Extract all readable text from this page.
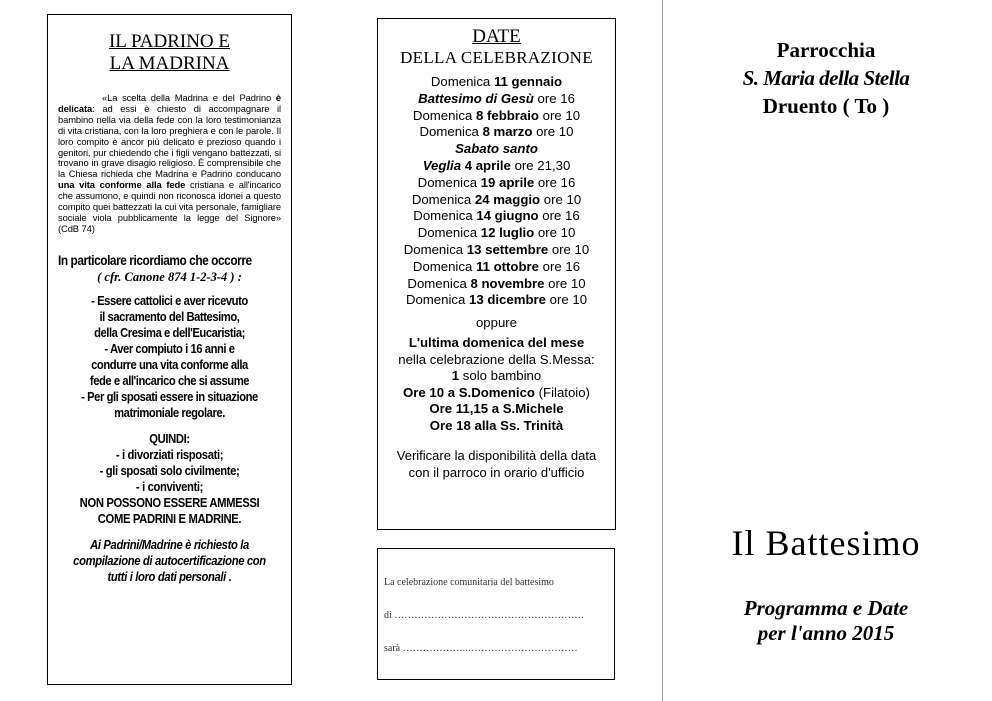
IL PADRINO E

LA MADRINA

«La scelta della Madrina e del Padrino è delicata: ad essi è chiesto di accompagnare il bambino nella via della fede con la loro testimonianza di vita cristiana, con la loro preghiera e con le parole. Il loro compito è ancor più delicato e prezioso quando i genitori, pur chiedendo che i figli vengano battezzati, si trovano in grave disagio religioso. È comprensibile che la Chiesa richieda che Madrina e Padrino conducano una vita conforme alla fede cristiana e all'incarico che assumono, e quindi non riconosca idonei a questo compito quei battezzati la cui vita personale, famigliare sociale viola pubblicamente la legge del Signore» (CdB 74)

In particolare ricordiamo che occorre

( cfr. Canone 874 1-2-3-4 ) :

- Essere cattolici e aver ricevuto
il sacramento del Battesimo,
della Cresima e dell'Eucaristia;
- Aver compiuto i 16 anni e
condurre una vita conforme alla
fede e all'incarico che si assume
- Per gli sposati essere in situazione
matrimoniale regolare.
QUINDI:
- i divorziati risposati;
- gli sposati solo civilmente;
- i conviventi;
NON POSSONO ESSERE AMMESSI
COME PADRINI E MADRINE.
Ai Padrini/Madrine è richiesto la
compilazione di autocertificazione con
tutti i loro dati personali .

DATE

DELLA CELEBRAZIONE

Domenica 11 gennaio
Battesimo di Gesù ore 16
Domenica 8 febbraio ore 10
Domenica 8 marzo ore 10
Sabato santo
Veglia 4 aprile ore 21,30
Domenica 19 aprile ore 16
Domenica 24 maggio ore 10
Domenica 14 giugno ore 16
Domenica 12 luglio ore 10
Domenica 13 settembre ore 10
Domenica 11 ottobre ore 16
Domenica 8 novembre ore 10
Domenica 13 dicembre ore 10
oppure
L'ultima domenica del mese
nella celebrazione della S.Messa:
1 solo bambino
Ore 10 a S.Domenico (Filatoio)
Ore 11,15 a S.Michele
Ore 18 alla Ss. Trinità
Verificare la disponibilità della data
con il parroco in orario d'ufficio

La celebrazione comunitaria del battesimo

di …………………………………………………

sarà ………………..……………………………

Parrocchia
S. Maria della Stella
Druento ( To )
Il Battesimo
Programma e Date
per l'anno 2015
